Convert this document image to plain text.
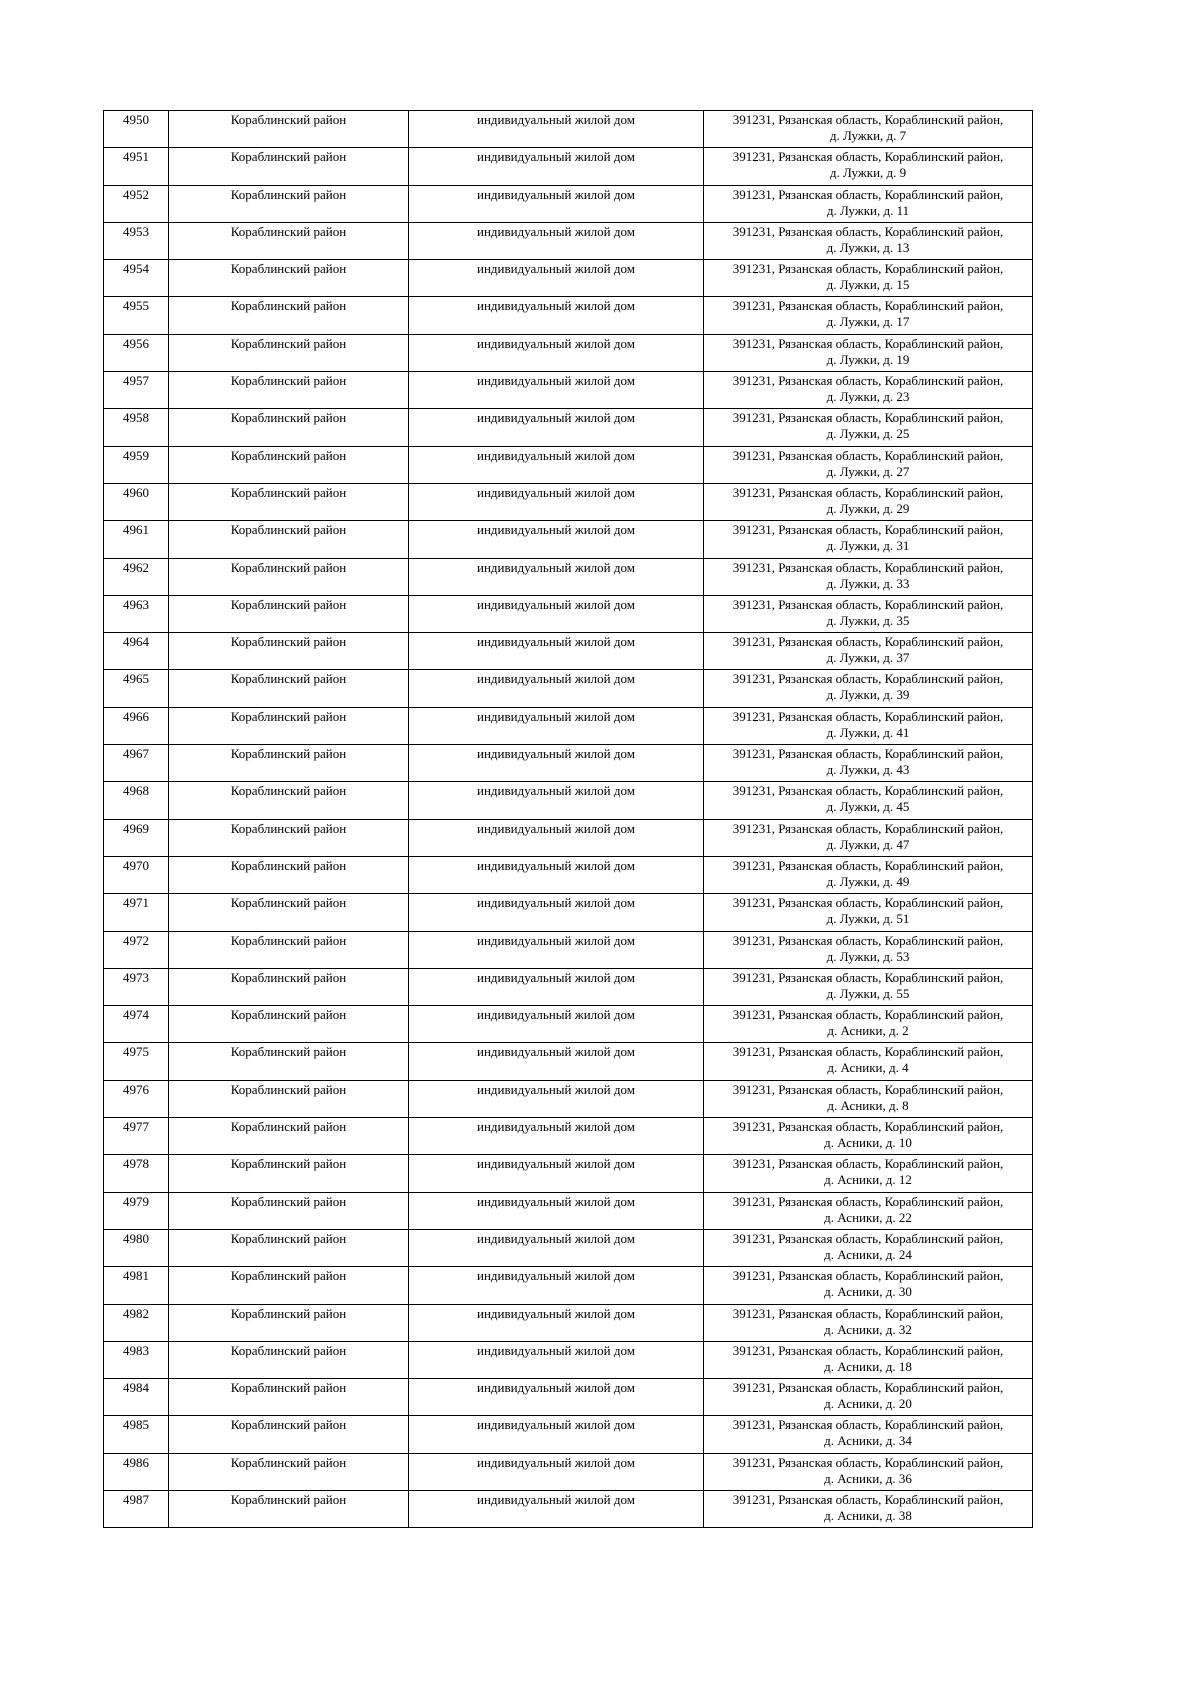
4950	Кораблинский район	индивидуальный жилой дом	391231, Рязанская область, Кораблинский район,
д. Лужки, д. 7

4951	Кораблинский район	индивидуальный жилой дом	391231, Рязанская область, Кораблинский район,
д. Лужки, д. 9

4952	Кораблинский район	индивидуальный жилой дом	391231, Рязанская область, Кораблинский район,
д. Лужки, д. 11

4953	Кораблинский район	индивидуальный жилой дом	391231, Рязанская область, Кораблинский район,
д. Лужки, д. 13

4954	Кораблинский район	индивидуальный жилой дом	391231, Рязанская область, Кораблинский район,
д. Лужки, д. 15

4955	Кораблинский район	индивидуальный жилой дом	391231, Рязанская область, Кораблинский район,
д. Лужки, д. 17

4956	Кораблинский район	индивидуальный жилой дом	391231, Рязанская область, Кораблинский район,
д. Лужки, д. 19

4957	Кораблинский район	индивидуальный жилой дом	391231, Рязанская область, Кораблинский район,
д. Лужки, д. 23

4958	Кораблинский район	индивидуальный жилой дом	391231, Рязанская область, Кораблинский район,
д. Лужки, д. 25

4959	Кораблинский район	индивидуальный жилой дом	391231, Рязанская область, Кораблинский район,
д. Лужки, д. 27

4960	Кораблинский район	индивидуальный жилой дом	391231, Рязанская область, Кораблинский район,
д. Лужки, д. 29

4961	Кораблинский район	индивидуальный жилой дом	391231, Рязанская область, Кораблинский район,
д. Лужки, д. 31

4962	Кораблинский район	индивидуальный жилой дом	391231, Рязанская область, Кораблинский район,
д. Лужки, д. 33

4963	Кораблинский район	индивидуальный жилой дом	391231, Рязанская область, Кораблинский район,
д. Лужки, д. 35

4964	Кораблинский район	индивидуальный жилой дом	391231, Рязанская область, Кораблинский район,
д. Лужки, д. 37

4965	Кораблинский район	индивидуальный жилой дом	391231, Рязанская область, Кораблинский район,
д. Лужки, д. 39

4966	Кораблинский район	индивидуальный жилой дом	391231, Рязанская область, Кораблинский район,
д. Лужки, д. 41

4967	Кораблинский район	индивидуальный жилой дом	391231, Рязанская область, Кораблинский район,
д. Лужки, д. 43

4968	Кораблинский район	индивидуальный жилой дом	391231, Рязанская область, Кораблинский район,
д. Лужки, д. 45

4969	Кораблинский район	индивидуальный жилой дом	391231, Рязанская область, Кораблинский район,
д. Лужки, д. 47

4970	Кораблинский район	индивидуальный жилой дом	391231, Рязанская область, Кораблинский район,
д. Лужки, д. 49

4971	Кораблинский район	индивидуальный жилой дом	391231, Рязанская область, Кораблинский район,
д. Лужки, д. 51

4972	Кораблинский район	индивидуальный жилой дом	391231, Рязанская область, Кораблинский район,
д. Лужки, д. 53

4973	Кораблинский район	индивидуальный жилой дом	391231, Рязанская область, Кораблинский район,
д. Лужки, д. 55

4974	Кораблинский район	индивидуальный жилой дом	391231, Рязанская область, Кораблинский район,
д. Асники, д. 2

4975	Кораблинский район	индивидуальный жилой дом	391231, Рязанская область, Кораблинский район,
д. Асники, д. 4

4976	Кораблинский район	индивидуальный жилой дом	391231, Рязанская область, Кораблинский район,
д. Асники, д. 8

4977	Кораблинский район	индивидуальный жилой дом	391231, Рязанская область, Кораблинский район,
д. Асники, д. 10

4978	Кораблинский район	индивидуальный жилой дом	391231, Рязанская область, Кораблинский район,
д. Асники, д. 12

4979	Кораблинский район	индивидуальный жилой дом	391231, Рязанская область, Кораблинский район,
д. Асники, д. 22

4980	Кораблинский район	индивидуальный жилой дом	391231, Рязанская область, Кораблинский район,
д. Асники, д. 24

4981	Кораблинский район	индивидуальный жилой дом	391231, Рязанская область, Кораблинский район,
д. Асники, д. 30

4982	Кораблинский район	индивидуальный жилой дом	391231, Рязанская область, Кораблинский район,
д. Асники, д. 32

4983	Кораблинский район	индивидуальный жилой дом	391231, Рязанская область, Кораблинский район,
д. Асники, д. 18

4984	Кораблинский район	индивидуальный жилой дом	391231, Рязанская область, Кораблинский район,
д. Асники, д. 20

4985	Кораблинский район	индивидуальный жилой дом	391231, Рязанская область, Кораблинский район,
д. Асники, д. 34

4986	Кораблинский район	индивидуальный жилой дом	391231, Рязанская область, Кораблинский район,
д. Асники, д. 36

4987	Кораблинский район	индивидуальный жилой дом	391231, Рязанская область, Кораблинский район,
д. Асники, д. 38
